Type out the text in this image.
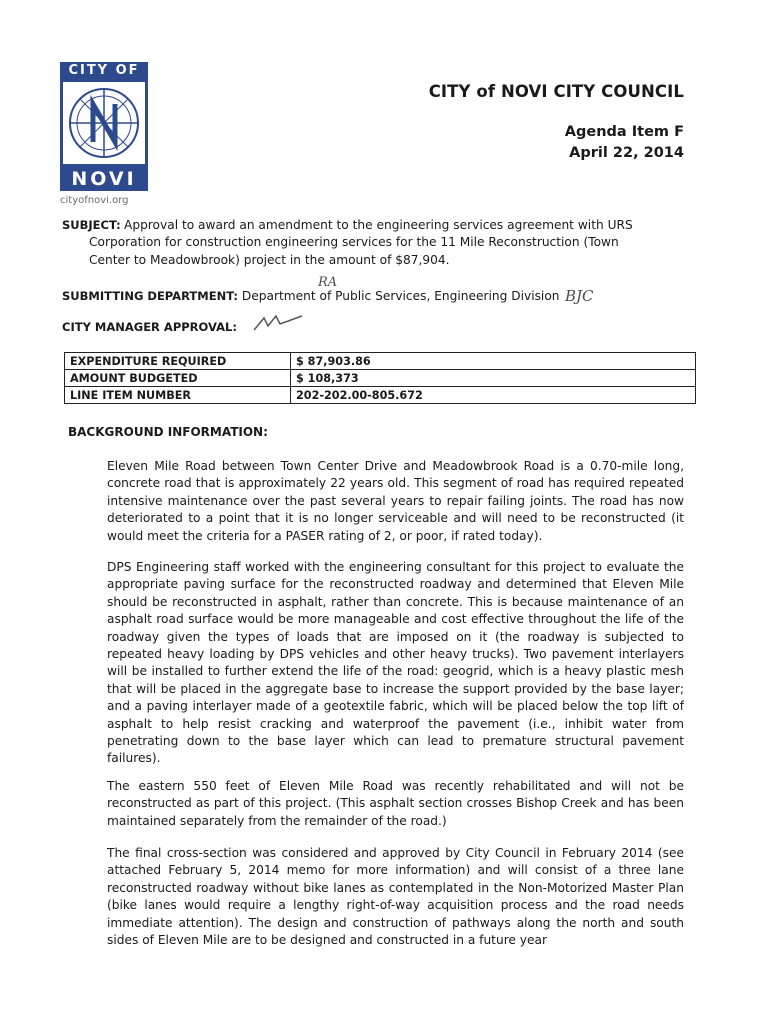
CITY OF
NOVI
cityofnovi.org
CITY of NOVI CITY COUNCIL
Agenda Item F
April 22, 2014
SUBJECT: Approval to award an amendment to the engineering services agreement with URS
Corporation for construction engineering services for the 11 Mile Reconstruction (Town
Center to Meadowbrook) project in the amount of $87,904.
SUBMITTING DEPARTMENT: Department of Public Services, Engineering Division BJC
RA
CITY MANAGER APPROVAL:
EXPENDITURE REQUIRED	$ 87,903.86
AMOUNT BUDGETED	$ 108,373
LINE ITEM NUMBER	202-202.00-805.672
BACKGROUND INFORMATION:
Eleven Mile Road between Town Center Drive and Meadowbrook Road is a 0.70-mile long, concrete road that is approximately 22 years old. This segment of road has required repeated intensive maintenance over the past several years to repair failing joints. The road has now deteriorated to a point that it is no longer serviceable and will need to be reconstructed (it would meet the criteria for a PASER rating of 2, or poor, if rated today).
DPS Engineering staff worked with the engineering consultant for this project to evaluate the appropriate paving surface for the reconstructed roadway and determined that Eleven Mile should be reconstructed in asphalt, rather than concrete. This is because maintenance of an asphalt road surface would be more manageable and cost effective throughout the life of the roadway given the types of loads that are imposed on it (the roadway is subjected to repeated heavy loading by DPS vehicles and other heavy trucks). Two pavement interlayers will be installed to further extend the life of the road: geogrid, which is a heavy plastic mesh that will be placed in the aggregate base to increase the support provided by the base layer; and a paving interlayer made of a geotextile fabric, which will be placed below the top lift of asphalt to help resist cracking and waterproof the pavement (i.e., inhibit water from penetrating down to the base layer which can lead to premature structural pavement failures).
The eastern 550 feet of Eleven Mile Road was recently rehabilitated and will not be reconstructed as part of this project. (This asphalt section crosses Bishop Creek and has been maintained separately from the remainder of the road.)
The final cross-section was considered and approved by City Council in February 2014 (see attached February 5, 2014 memo for more information) and will consist of a three lane reconstructed roadway without bike lanes as contemplated in the Non-Motorized Master Plan (bike lanes would require a lengthy right-of-way acquisition process and the road needs immediate attention). The design and construction of pathways along the north and south sides of Eleven Mile are to be designed and constructed in a future year
